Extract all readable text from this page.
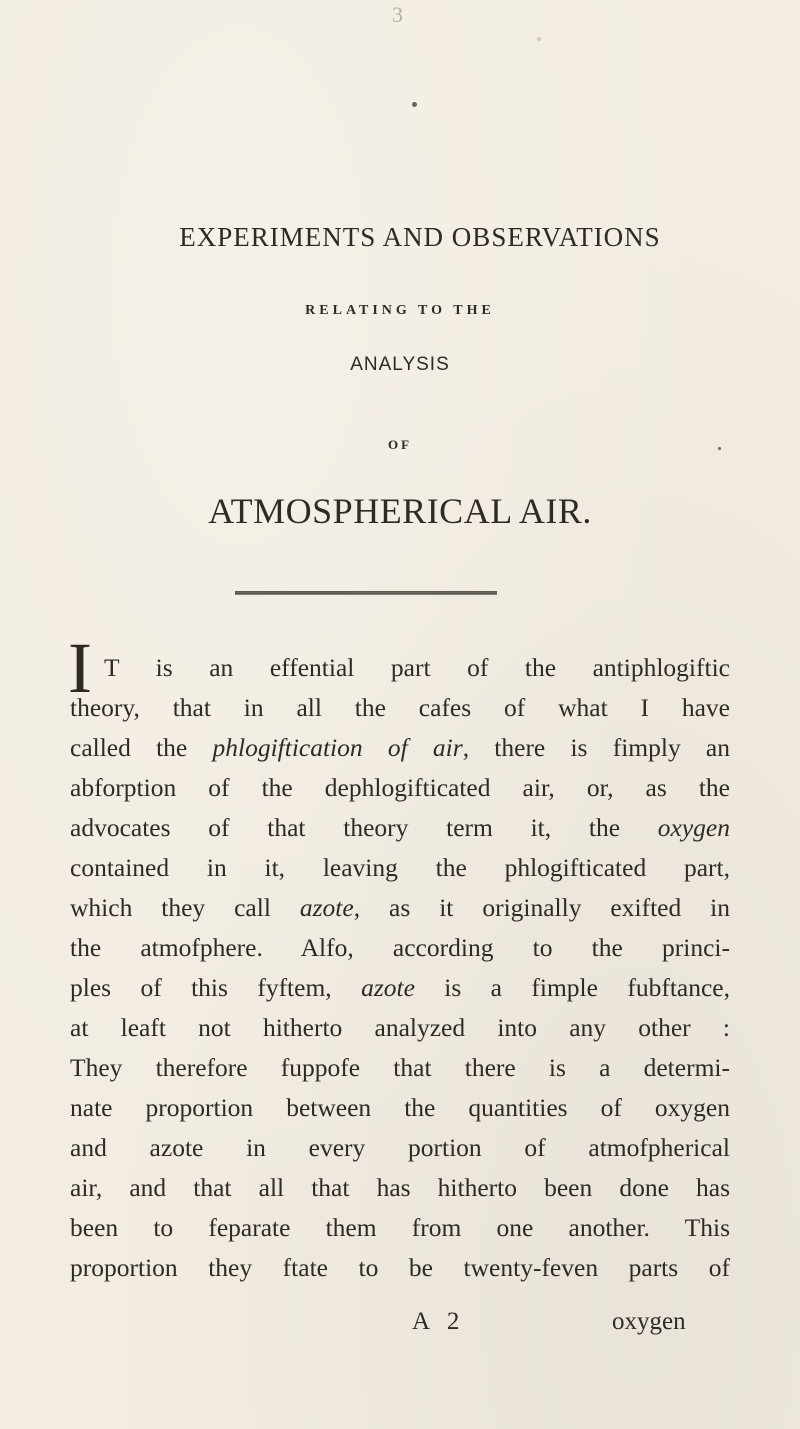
3
EXPERIMENTS AND OBSERVATIONS
RELATING TO THE
ANALYSIS
OF
ATMOSPHERICAL AIR.
I T is an effential part of the antiphlogiftic
theory, that in all the cafes of what I have
called the phlogiftication of air, there is fimply an
abforption of the dephlogifticated air, or, as the
advocates of that theory term it, the oxygen
contained in it, leaving the phlogifticated part,
which they call azote, as it originally exifted in
the atmofphere. Alfo, according to the princi-
ples of this fyftem, azote is a fimple fubftance,
at leaft not hitherto analyzed into any other :
They therefore fuppofe that there is a determi-
nate proportion between the quantities of oxygen
and azote in every portion of atmofpherical
air, and that all that has hitherto been done has
been to feparate them from one another. This
proportion they ftate to be twenty-feven parts of
A 2	oxygen
